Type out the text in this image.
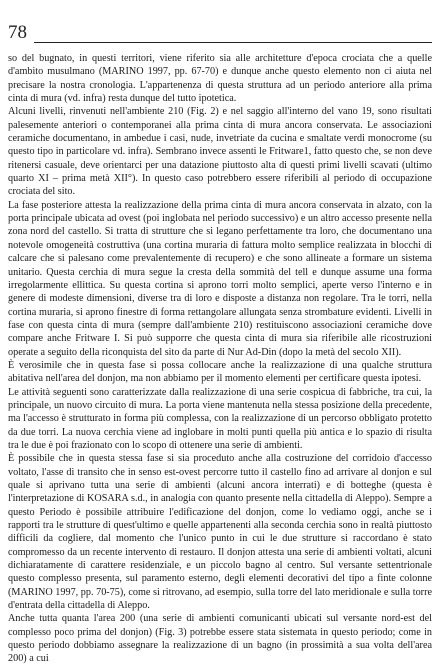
78

so del bugnato, in questi territori, viene riferito sia alle architetture d'epoca crociata che a quelle d'ambito musulmano (MARINO 1997, pp. 67-70) e dunque anche questo elemento non ci aiuta nel precisare la nostra cronologia. L'appartenenza di questa struttura ad un periodo anteriore alla prima cinta di mura (vd. infra) resta dunque del tutto ipotetica.

Alcuni livelli, rinvenuti nell'ambiente 210 (Fig. 2) e nel saggio all'interno del vano 19, sono risultati palesemente anteriori o contemporanei alla prima cinta di mura ancora conservata. Le associazioni ceramiche documentano, in ambedue i casi, nude, invetriate da cucina e smaltate verdi monocrome (su questo tipo in particolare vd. infra). Sembrano invece assenti le Fritware1, fatto questo che, se non deve ritenersi casuale, deve orientarci per una datazione piuttosto alta di questi primi livelli scavati (ultimo quarto XI – prima metà XII°). In questo caso potrebbero essere riferibili al periodo di occupazione crociata del sito.

La fase posteriore attesta la realizzazione della prima cinta di mura ancora conservata in alzato, con la porta principale ubicata ad ovest (poi inglobata nel periodo successivo) e un altro accesso presente nella zona nord del castello. Si tratta di strutture che si legano perfettamente tra loro, che documentano una notevole omogeneità costruttiva (una cortina muraria di fattura molto semplice realizzata in blocchi di calcare che si palesano come prevalentemente di recupero) e che sono allineate a formare un sistema unitario. Questa cerchia di mura segue la cresta della sommità del tell e dunque assume una forma irregolarmente ellittica. Su questa cortina si aprono torri molto semplici, aperte verso l'interno e in genere di modeste dimensioni, diverse tra di loro e disposte a distanza non regolare. Tra le torri, nella cortina muraria, si aprono finestre di forma rettangolare allungata senza strombature evidenti. Livelli in fase con questa cinta di mura (sempre dall'ambiente 210) restituiscono associazioni ceramiche dove compare anche Fritware I. Si può supporre che questa cinta di mura sia riferibile alle ricostruzioni operate a seguito della riconquista del sito da parte di Nur Ad-Din (dopo la metà del secolo XII).

È verosimile che in questa fase si possa collocare anche la realizzazione di una qualche struttura abitativa nell'area del donjon, ma non abbiamo per il momento elementi per certificare questa ipotesi.

Le attività seguenti sono caratterizzate dalla realizzazione di una serie cospicua di fabbriche, tra cui, la principale, un nuovo circuito di mura. La porta viene mantenuta nella stessa posizione della precedente, ma l'accesso è strutturato in forma più complessa, con la realizzazione di un percorso obbligato protetto da due torri. La nuova cerchia viene ad inglobare in molti punti quella più antica e lo spazio di risulta tra le due è poi frazionato con lo scopo di ottenere una serie di ambienti.

È possibile che in questa stessa fase si sia proceduto anche alla costruzione del corridoio d'accesso voltato, l'asse di transito che in senso est-ovest percorre tutto il castello fino ad arrivare al donjon e sul quale si aprivano tutta una serie di ambienti (alcuni ancora interrati) e di botteghe (questa è l'interpretazione di KOSARA s.d., in analogia con quanto presente nella cittadella di Aleppo). Sempre a questo Periodo è possibile attribuire l'edificazione del donjon, come lo vediamo oggi, anche se i rapporti tra le strutture di quest'ultimo e quelle appartenenti alla seconda cerchia sono in realtà piuttosto difficili da cogliere, dal momento che l'unico punto in cui le due strutture si raccordano è stato compromesso da un recente intervento di restauro. Il donjon attesta una serie di ambienti voltati, alcuni dichiaratamente di carattere residenziale, e un piccolo bagno al centro. Sul versante settentrionale questo complesso presenta, sul paramento esterno, degli elementi decorativi del tipo a finte colonne (MARINO 1997, pp. 70-75), come si ritrovano, ad esempio, sulla torre del lato meridionale e sulla torre d'entrata della cittadella di Aleppo.

Anche tutta quanta l'area 200 (una serie di ambienti comunicanti ubicati sul versante nord-est del complesso poco prima del donjon) (Fig. 3) potrebbe essere stata sistemata in questo periodo; come in questo periodo dobbiamo assegnare la realizzazione di un bagno (in prossimità a sua volta dell'area 200) a cui
